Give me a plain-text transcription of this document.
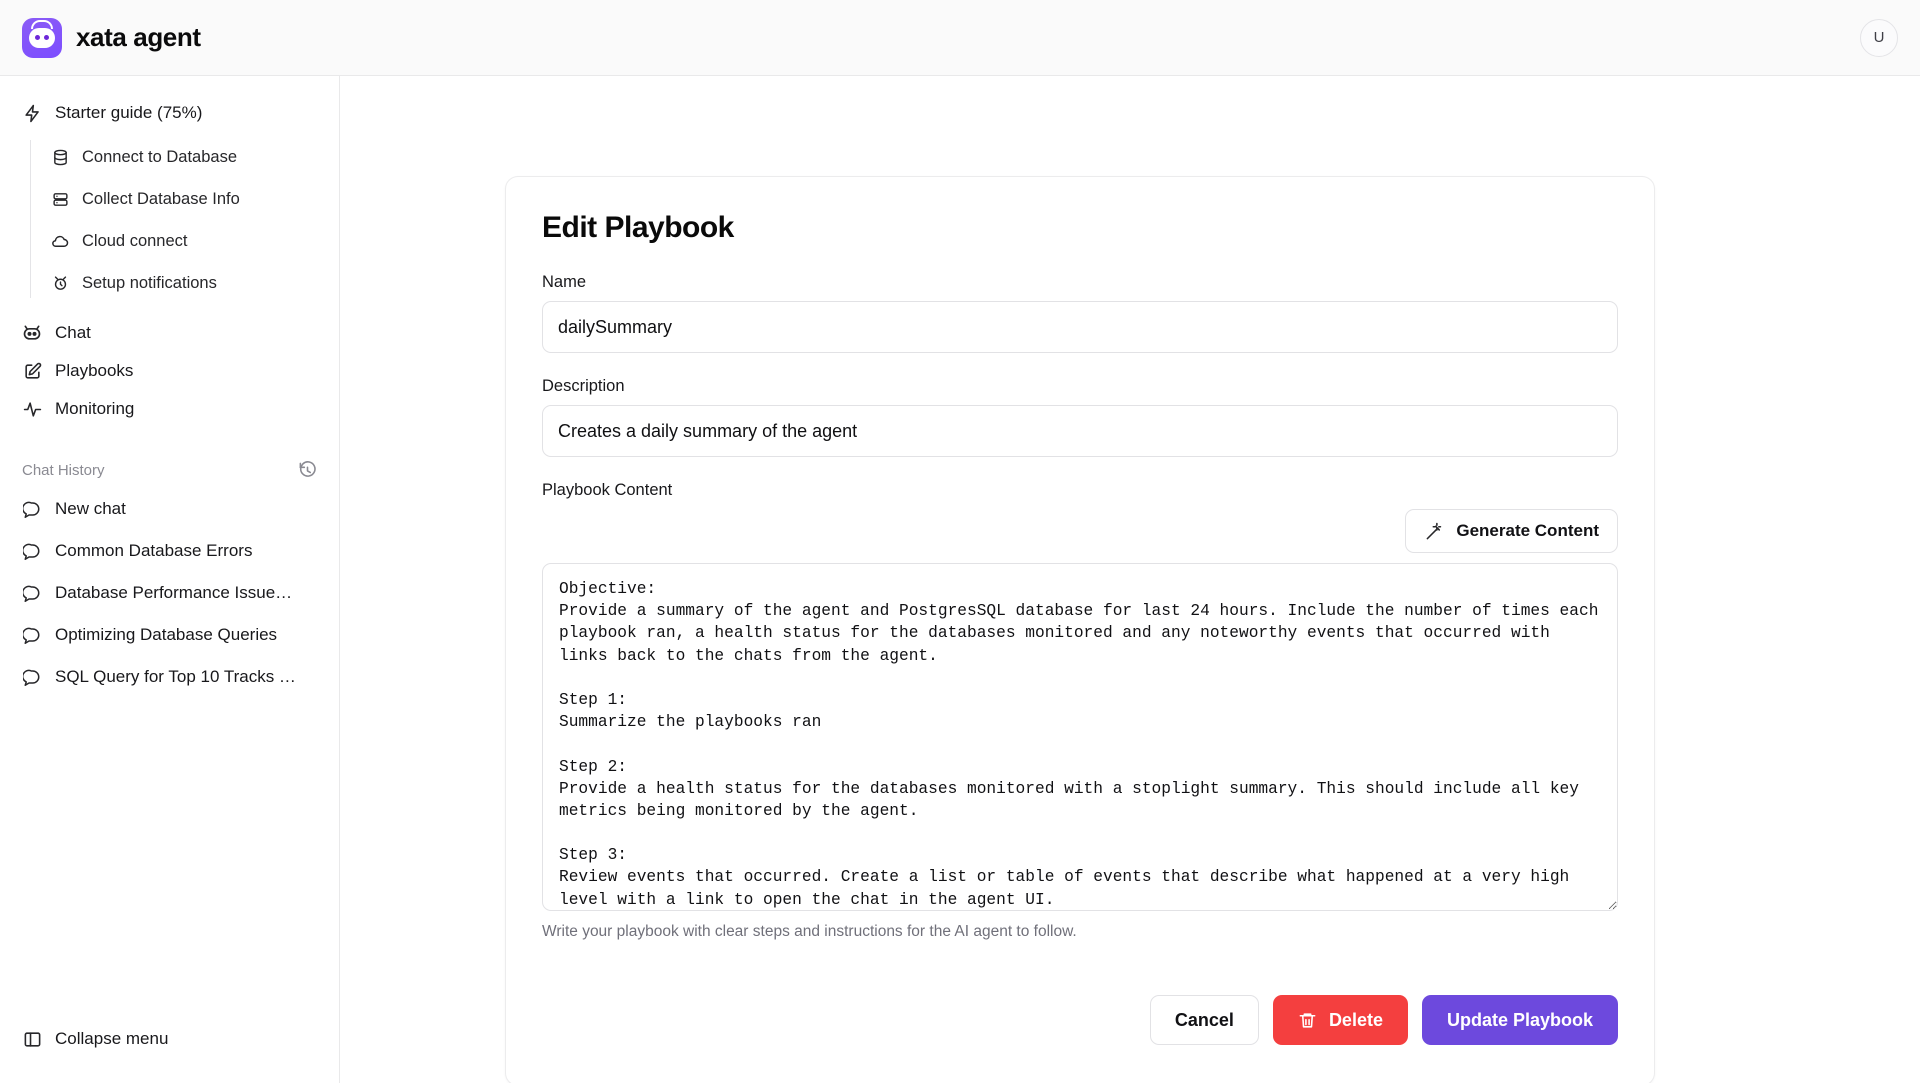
xata agent	U
Starter guide (75%)
Connect to Database
Collect Database Info
Cloud connect
Setup notifications
Chat
Playbooks
Monitoring
Chat History
New chat
Common Database Errors
Database Performance Issue…
Optimizing Database Queries
SQL Query for Top 10 Tracks …
Collapse menu
Edit Playbook
Name
dailySummary
Description
Creates a daily summary of the agent
Playbook Content
Generate Content
Objective: Provide a summary of the agent and PostgresSQL database for last 24 hours. Include the number of times each playbook ran, a health status for the databases monitored and any noteworthy events that occurred with links back to the chats from the agent. Step 1: Summarize the playbooks ran Step 2: Provide a health status for the databases monitored with a stoplight summary. This should include all key metrics being monitored by the agent. Step 3: Review events that occurred. Create a list or table of events that describe what happened at a very high level with a link to open the chat in the agent UI.
Write your playbook with clear steps and instructions for the AI agent to follow.
Cancel	Delete	Update Playbook
